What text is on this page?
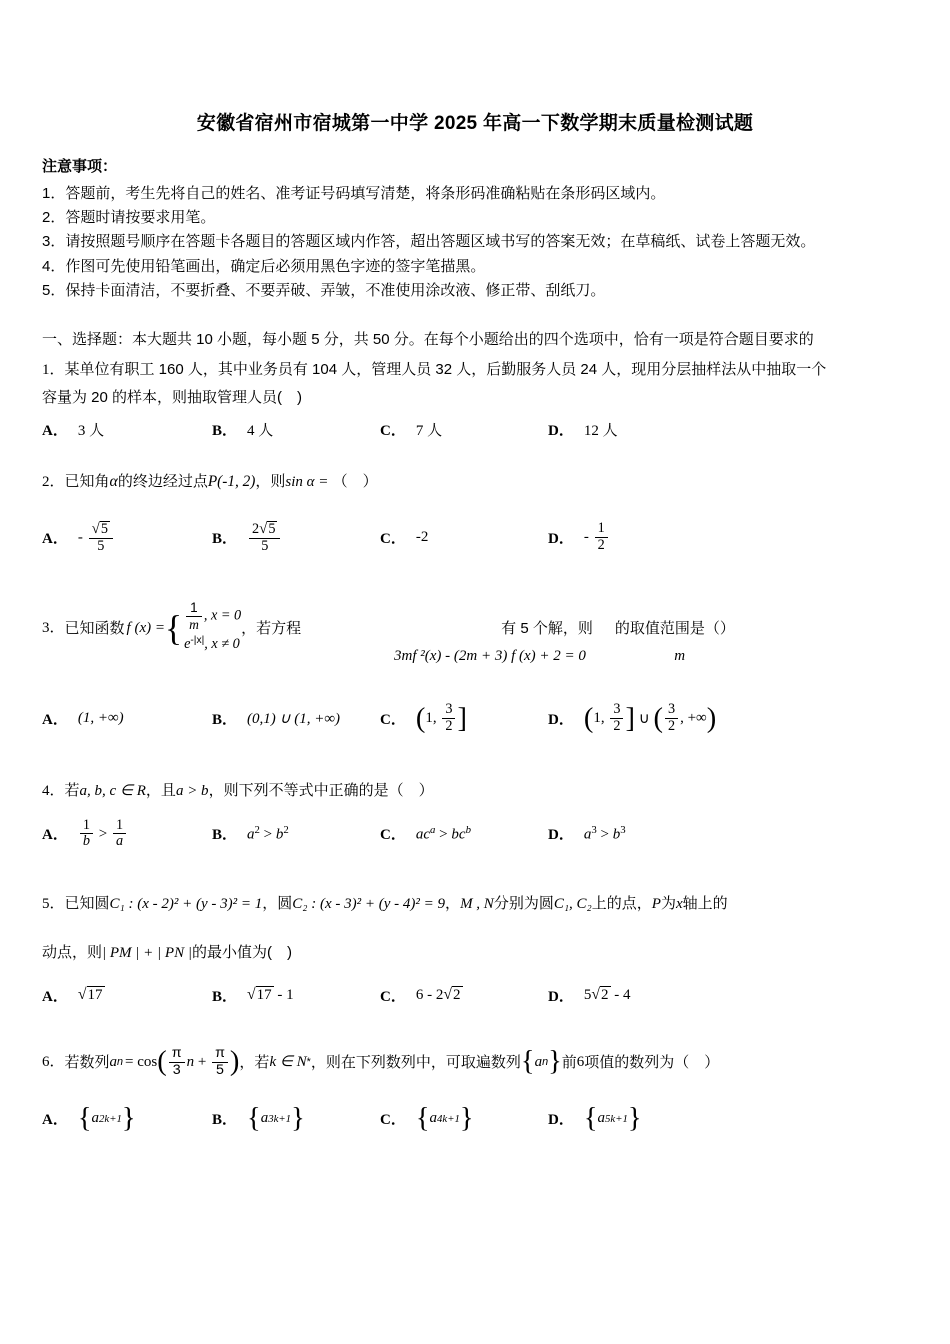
安徽省宿州市宿城第一中学 2025 年高一下数学期末质量检测试题
注意事项：
1．答题前，考生先将自己的姓名、准考证号码填写清楚，将条形码准确粘贴在条形码区域内。
2．答题时请按要求用笔。
3．请按照题号顺序在答题卡各题目的答题区域内作答，超出答题区域书写的答案无效；在草稿纸、试卷上答题无效。
4．作图可先使用铅笔画出，确定后必须用黑色字迹的签字笔描黑。
5．保持卡面清洁，不要折叠、不要弄破、弄皱，不准使用涂改液、修正带、刮纸刀。
一、选择题：本大题共 10 小题，每小题 5 分，共 50 分。在每个小题给出的四个选项中，恰有一项是符合题目要求的
1．某单位有职工 160 人，其中业务员有 104 人，管理人员 32 人，后勤服务人员 24 人，现用分层抽样法从中抽取一个
容量为 20 的样本，则抽取管理人员(　)
A． 3 人	B． 4 人	C． 7 人	D． 12 人
2．已知角α的终边经过点P(-1, 2)，则sin α = （　）
A． - $\frac{√5}{5}$	B． $\frac{2√5}{5}$	C． -2	D． - $\frac{1}{2}$
3． 已知函数 f (x) = { $\frac{1}{m}$ , x = 0
$e^{-|x|}$, x ≠ 0
，若方程	有 5 个解，则 的取值范围是（）
3mf ²(x) - (2m + 3) f (x) + 2 = 0	m
A． (1, +∞)	B． (0,1) ∪ (1, +∞)	C． ( 1, $\frac{3}{2}$ ]	D． ( 1, $\frac{3}{2}$ ] ∪ ( $\frac{3}{2}$ , +∞ )
4．若a, b, c ∈ R，且a > b，则下列不等式中正确的是（　）
A． $\frac{1}{b} > \frac{1}{a}$	B． $a^2 > b^2$	C． $ac^a > bc^b$	D． $a^3 > b^3$
5．已知圆C₁ : (x - 2)² + (y - 3)² = 1，圆C₂ : (x - 3)² + (y - 4)² = 9，M , N分别为圆C₁, C₂上的点，P为x轴上的
动点，则| PM | + | PN |的最小值为(　)
A． √17	B． √17 - 1	C． 6 - 2√2	D． 5√2 - 4
6． 若数列 a n = cos ( $\frac{\pi}{3}$ $n + \frac{\pi}{5}$ ) ，若 k ∈ N * ，则在下列数列中，可取遍数列 { a n } 前 6 项值的数列为（　）
A． { a 2k+1 }	B． { a 3k+1 }	C． { a 4k+1 }	D． { a 5k+1 }
